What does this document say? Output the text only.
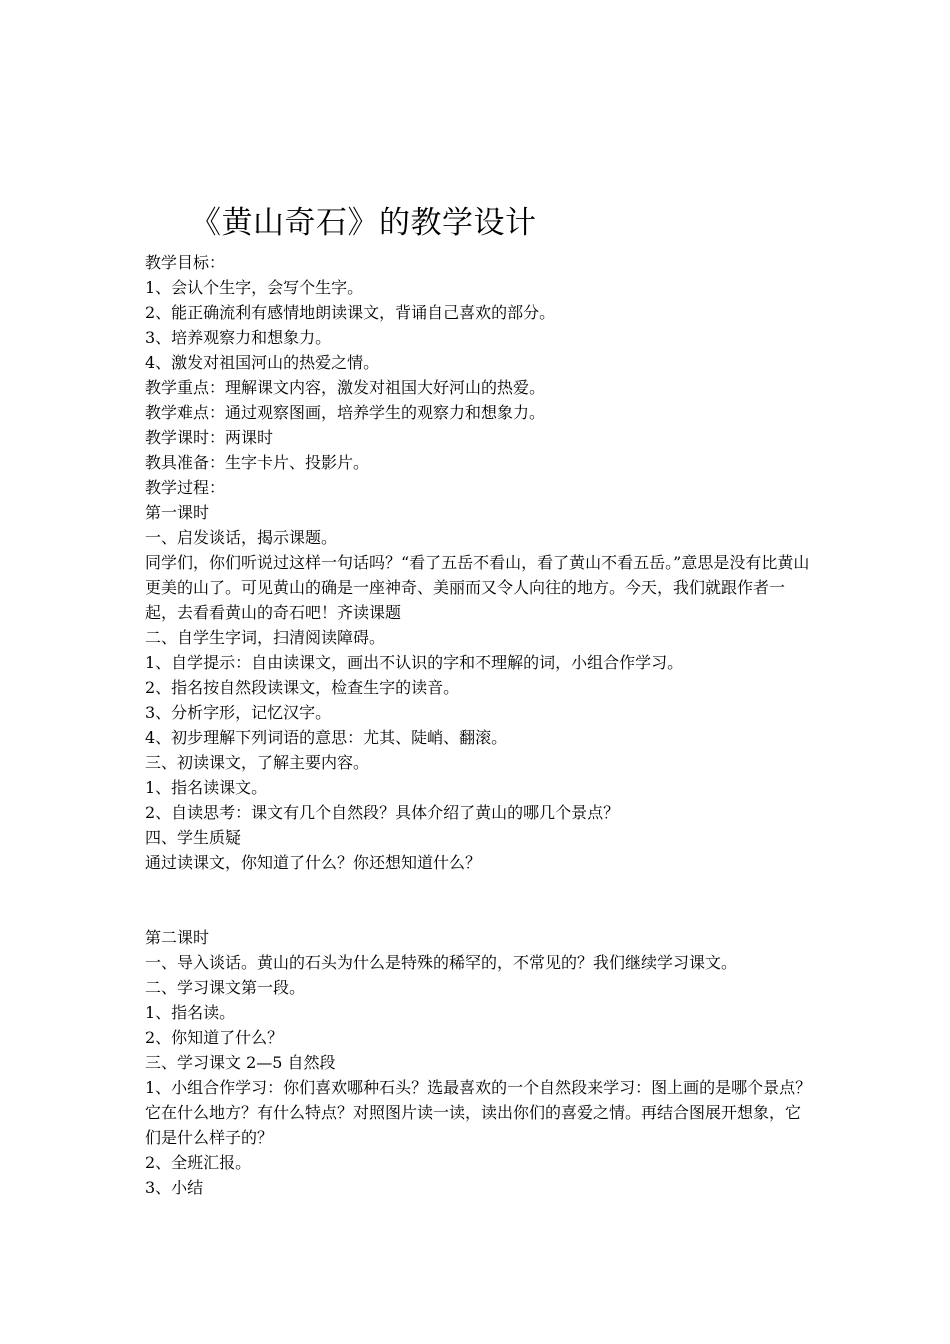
《黄山奇石》的教学设计

教学目标：

1、会认个生字，会写个生字。

2、能正确流利有感情地朗读课文，背诵自己喜欢的部分。

3、培养观察力和想象力。

4、激发对祖国河山的热爱之情。

教学重点：理解课文内容，激发对祖国大好河山的热爱。

教学难点：通过观察图画，培养学生的观察力和想象力。

教学课时：两课时

教具准备：生字卡片、投影片。

教学过程：

第一课时

一、启发谈话，揭示课题。

同学们，你们听说过这样一句话吗？“看了五岳不看山，看了黄山不看五岳。”意思是没有比黄山更美的山了。可见黄山的确是一座神奇、美丽而又令人向往的地方。今天，我们就跟作者一起，去看看黄山的奇石吧！齐读课题

二、自学生字词，扫清阅读障碍。

1、自学提示：自由读课文，画出不认识的字和不理解的词，小组合作学习。

2、指名按自然段读课文，检查生字的读音。

3、分析字形，记忆汉字。

4、初步理解下列词语的意思：尤其、陡峭、翻滚。

三、初读课文，了解主要内容。

1、指名读课文。

2、自读思考：课文有几个自然段？具体介绍了黄山的哪几个景点？

四、学生质疑

通过读课文，你知道了什么？你还想知道什么？

第二课时

一、导入谈话。黄山的石头为什么是特殊的稀罕的，不常见的？我们继续学习课文。

二、学习课文第一段。

1、指名读。

2、你知道了什么？

三、学习课文 2—5 自然段

1、小组合作学习：你们喜欢哪种石头？选最喜欢的一个自然段来学习：图上画的是哪个景点？它在什么地方？有什么特点？对照图片读一读，读出你们的喜爱之情。再结合图展开想象，它们是什么样子的？

2、全班汇报。

3、小结
